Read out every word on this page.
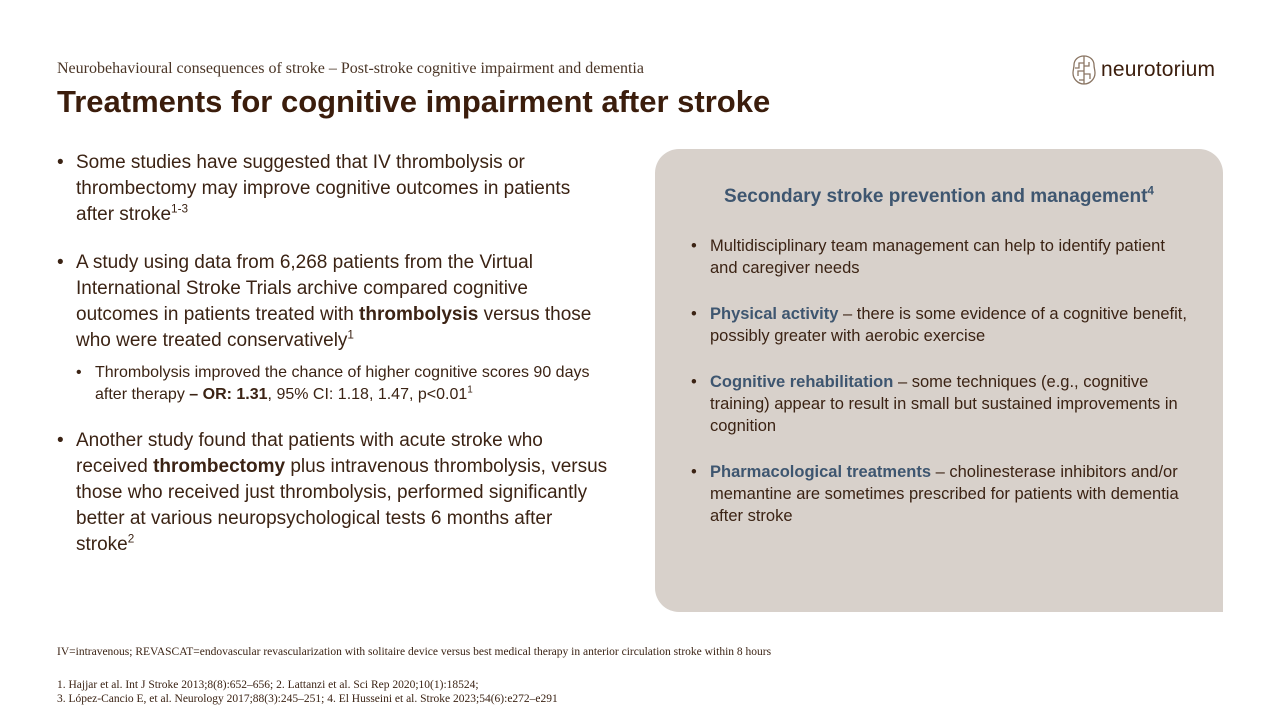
Neurobehavioural consequences of stroke – Post-stroke cognitive impairment and dementia
Treatments for cognitive impairment after stroke
neurotorium
• Some studies have suggested that IV thrombolysis or thrombectomy may improve cognitive outcomes in patients after stroke$^{1-3}$
• A study using data from 6,268 patients from the Virtual International Stroke Trials archive compared cognitive outcomes in patients treated with thrombolysis versus those who were treated conservatively$^1$
• Thrombolysis improved the chance of higher cognitive scores 90 days after therapy – OR: 1.31, 95% CI: 1.18, 1.47, $p<0.01^1$
• Another study found that patients with acute stroke who received thrombectomy plus intravenous thrombolysis, versus those who received just thrombolysis, performed significantly better at various neuropsychological tests 6 months after stroke$^2$
Secondary stroke prevention and management$^4$
• Multidisciplinary team management can help to identify patient and caregiver needs
• Physical activity – there is some evidence of a cognitive benefit, possibly greater with aerobic exercise
• Cognitive rehabilitation – some techniques (e.g., cognitive training) appear to result in small but sustained improvements in cognition
• Pharmacological treatments – cholinesterase inhibitors and/or memantine are sometimes prescribed for patients with dementia after stroke
IV=intravenous; REVASCAT=endovascular revascularization with solitaire device versus best medical therapy in anterior circulation stroke within 8 hours
1. Hajjar et al. Int J Stroke 2013;8(8):652–656; 2. Lattanzi et al. Sci Rep 2020;10(1):18524;
3. López-Cancio E, et al. Neurology 2017;88(3):245–251; 4. El Husseini et al. Stroke 2023;54(6):e272–e291
